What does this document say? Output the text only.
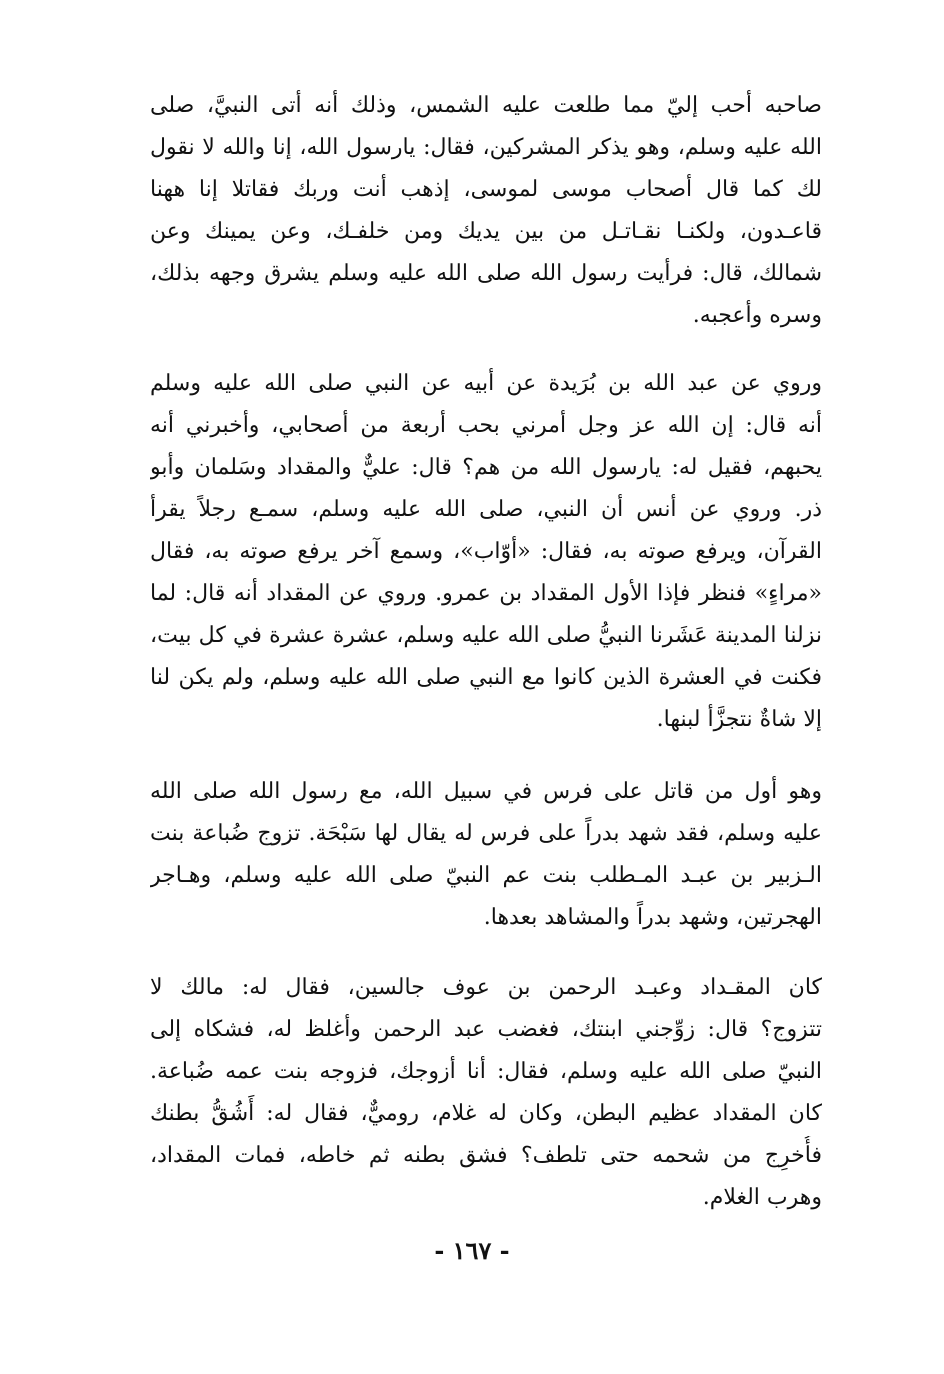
صاحبه أحب إليّ مما طلعت عليه الشمس، وذلك أنه أتى النبيَّ، صلى
الله عليه وسلم، وهو يذكر المشركين، فقال: يارسول الله، إنا والله لا نقول
لك كما قال أصحاب موسى لموسى، إذهب أنت وربك فقاتلا إنا ههنا
قاعـدون، ولكنـا نقـاتـل من بين يديك ومن خلفـك، وعن يمينك وعن
شمالك، قال: فرأيت رسول الله صلى الله عليه وسلم يشرق وجهه بذلك،
وسره وأعجبه.
وروي عن عبد الله بن بُرَيدة عن أبيه عن النبي صلى الله عليه وسلم
أنه قال: إن الله عز وجل أمرني بحب أربعة من أصحابي، وأخبرني أنه
يحبهم، فقيل له: يارسول الله من هم؟ قال: عليٌّ والمقداد وسَلمان وأبو
ذر. وروي عن أنس أن النبي، صلى الله عليه وسلم، سمـع رجلاً يقرأ
القرآن، ويرفع صوته به، فقال: «أوّاب»، وسمع آخر يرفع صوته به، فقال
«مراءٍ» فنظر فإذا الأول المقداد بن عمرو. وروي عن المقداد أنه قال: لما
نزلنا المدينة عَشَرنا النبيُّ صلى الله عليه وسلم، عشرة عشرة في كل بيت،
فكنت في العشرة الذين كانوا مع النبي صلى الله عليه وسلم، ولم يكن لنا
إلا شاةٌ نتجزَّأ لبنها.
وهو أول من قاتل على فرس في سبيل الله، مع رسول الله صلى الله
عليه وسلم، فقد شهد بدراً على فرس له يقال لها سَبْحَة. تزوج ضُباعة بنت
الـزبير بن عبـد المـطلب بنت عم النبيّ صلى الله عليه وسلم، وهـاجر
الهجرتين، وشهد بدراً والمشاهد بعدها.
كان المقـداد وعبـد الرحمن بن عوف جالسين، فقال له: مالك لا
تتزوج؟ قال: زوِّجني ابنتك، فغضب عبد الرحمن وأغلظ له، فشكاه إلى
النبيّ صلى الله عليه وسلم، فقال: أنا أزوجك، فزوجه بنت عمه ضُباعة.
كان المقداد عظيم البطن، وكان له غلام، روميٌّ، فقال له: أَشُقُّ بطنك
فأُخرِج من شحمه حتى تلطف؟ فشق بطنه ثم خاطه، فمات المقداد،
وهرب الغلام.
- ١٦٧ -
